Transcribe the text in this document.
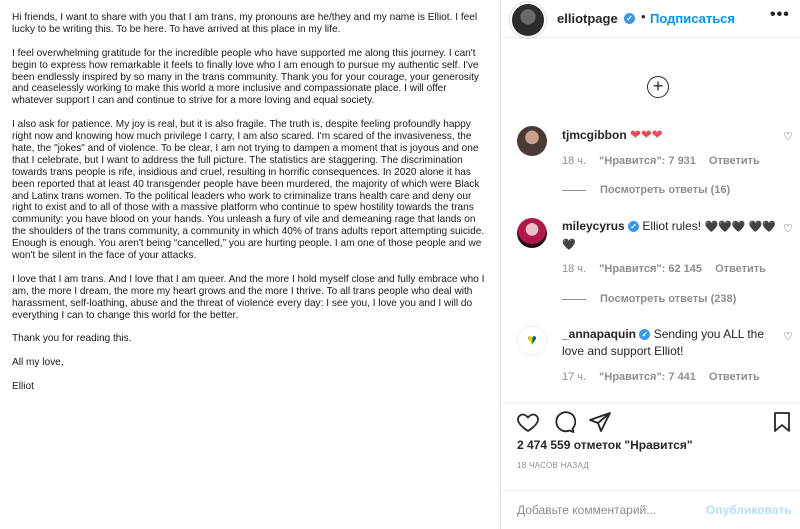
Hi friends, I want to share with you that I am trans, my pronouns are he/they and my name is Elliot. I feel lucky to be writing this. To be here. To have arrived at this place in my life.

I feel overwhelming gratitude for the incredible people who have supported me along this journey. I can't begin to express how remarkable it feels to finally love who I am enough to pursue my authentic self. I've been endlessly inspired by so many in the trans community. Thank you for your courage, your generosity and ceaselessly working to make this world a more inclusive and compassionate place. I will offer whatever support I can and continue to strive for a more loving and equal society.

I also ask for patience. My joy is real, but it is also fragile. The truth is, despite feeling profoundly happy right now and knowing how much privilege I carry, I am also scared. I'm scared of the invasiveness, the hate, the "jokes" and of violence. To be clear, I am not trying to dampen a moment that is joyous and one that I celebrate, but I want to address the full picture. The statistics are staggering. The discrimination towards trans people is rife, insidious and cruel, resulting in horrific consequences. In 2020 alone it has been reported that at least 40 transgender people have been murdered, the majority of which were Black and Latinx trans women. To the political leaders who work to criminalize trans health care and deny our right to exist and to all of those with a massive platform who continue to spew hostility towards the trans community: you have blood on your hands. You unleash a fury of vile and demeaning rage that lands on the shoulders of the trans community, a community in which 40% of trans adults report attempting suicide. Enough is enough. You aren't being “cancelled,” you are hurting people. I am one of those people and we won't be silent in the face of your attacks.

I love that I am trans. And I love that I am queer. And the more I hold myself close and fully embrace who I am, the more I dream, the more my heart grows and the more I thrive. To all trans people who deal with harassment, self-loathing, abuse and the threat of violence every day: I see you, I love you and I will do everything I can to change this world for the better.

Thank you for reading this.

All my love,

Elliot

elliotpage ✓ • Подписаться •••
+
tjmcgibbon ❤❤❤	♡
18 ч. "Нравится": 7 931 Ответить
Посмотреть ответы (16)
mileycyrus ✓ Elliot rules! 🖤🖤🖤 🖤🖤🖤
♡
18 ч. "Нравится": 62 145 Ответить
Посмотреть ответы (238)
♥	_annapaquin ✓ Sending you ALL the love and support Elliot!
♡
17 ч. "Нравится": 7 441 Ответить
2 474 559 отметок "Нравится"
18 ЧАСОВ НАЗАД
Добавьте комментарий...	Опубликовать
